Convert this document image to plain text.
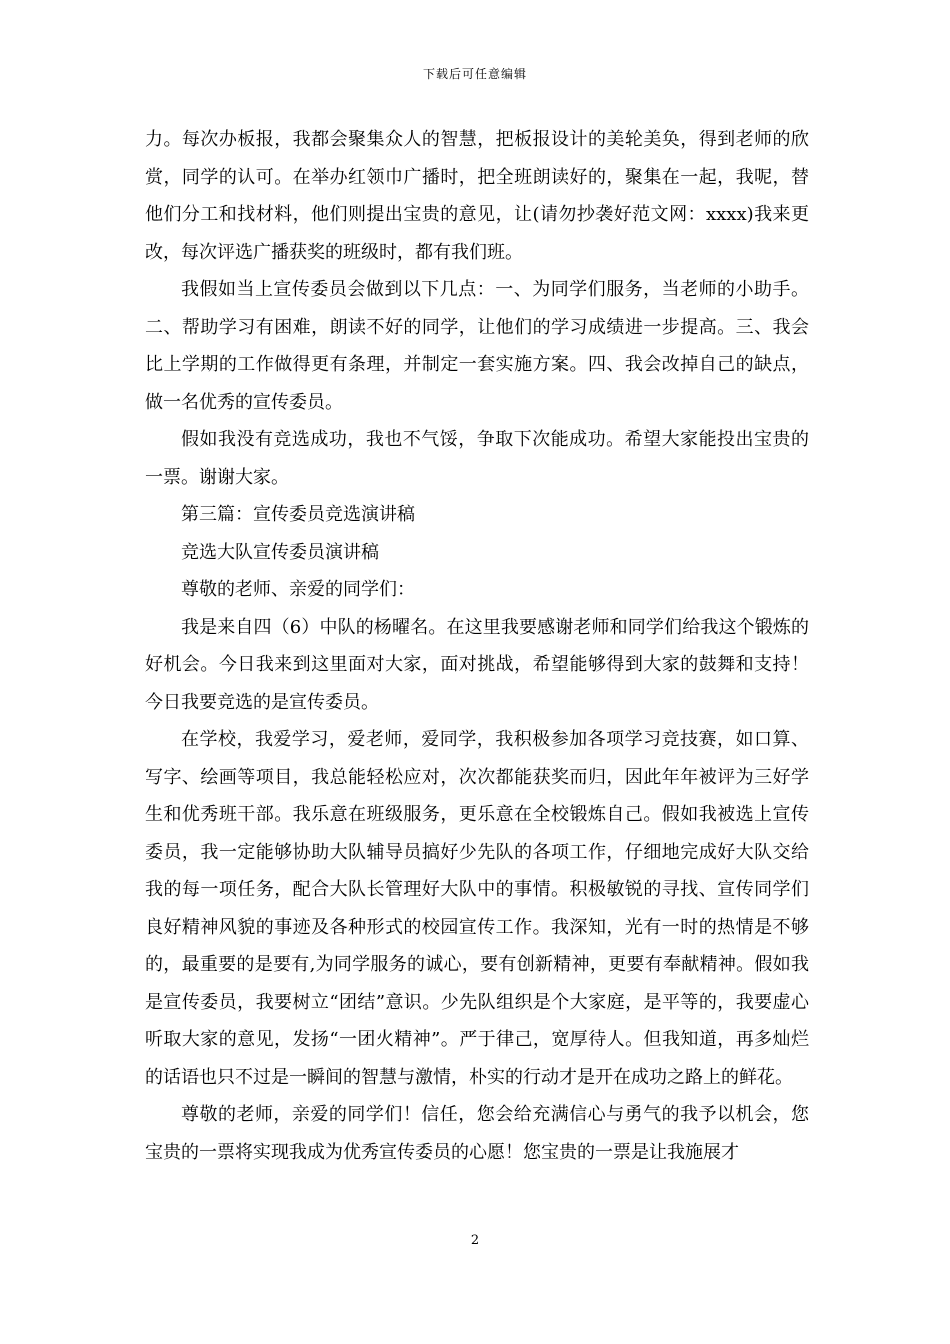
下载后可任意编辑

力。每次办板报，我都会聚集众人的智慧，把板报设计的美轮美奂，得到老师的欣赏，同学的认可。在举办红领巾广播时，把全班朗读好的，聚集在一起，我呢，替他们分工和找材料，他们则提出宝贵的意见，让(请勿抄袭好范文网：xxxx)我来更改，每次评选广播获奖的班级时，都有我们班。

我假如当上宣传委员会做到以下几点：一、为同学们服务，当老师的小助手。二、帮助学习有困难，朗读不好的同学，让他们的学习成绩进一步提高。三、我会比上学期的工作做得更有条理，并制定一套实施方案。四、我会改掉自己的缺点，做一名优秀的宣传委员。

假如我没有竞选成功，我也不气馁，争取下次能成功。希望大家能投出宝贵的一票。谢谢大家。

第三篇：宣传委员竞选演讲稿

竞选大队宣传委员演讲稿

尊敬的老师、亲爱的同学们：

我是来自四（6）中队的杨曜名。在这里我要感谢老师和同学们给我这个锻炼的好机会。今日我来到这里面对大家，面对挑战，希望能够得到大家的鼓舞和支持！今日我要竞选的是宣传委员。

在学校，我爱学习，爱老师，爱同学，我积极参加各项学习竞技赛，如口算、写字、绘画等项目，我总能轻松应对，次次都能获奖而归，因此年年被评为三好学生和优秀班干部。我乐意在班级服务，更乐意在全校锻炼自己。假如我被选上宣传委员，我一定能够协助大队辅导员搞好少先队的各项工作，仔细地完成好大队交给我的每一项任务，配合大队长管理好大队中的事情。积极敏锐的寻找、宣传同学们良好精神风貌的事迹及各种形式的校园宣传工作。我深知，光有一时的热情是不够的，最重要的是要有,为同学服务的诚心，要有创新精神，更要有奉献精神。假如我是宣传委员，我要树立“团结”意识。少先队组织是个大家庭，是平等的，我要虚心听取大家的意见，发扬“一团火精神”。严于律己，宽厚待人。但我知道，再多灿烂的话语也只不过是一瞬间的智慧与激情，朴实的行动才是开在成功之路上的鲜花。

尊敬的老师，亲爱的同学们！信任，您会给充满信心与勇气的我予以机会，您宝贵的一票将实现我成为优秀宣传委员的心愿！您宝贵的一票是让我施展才

2
